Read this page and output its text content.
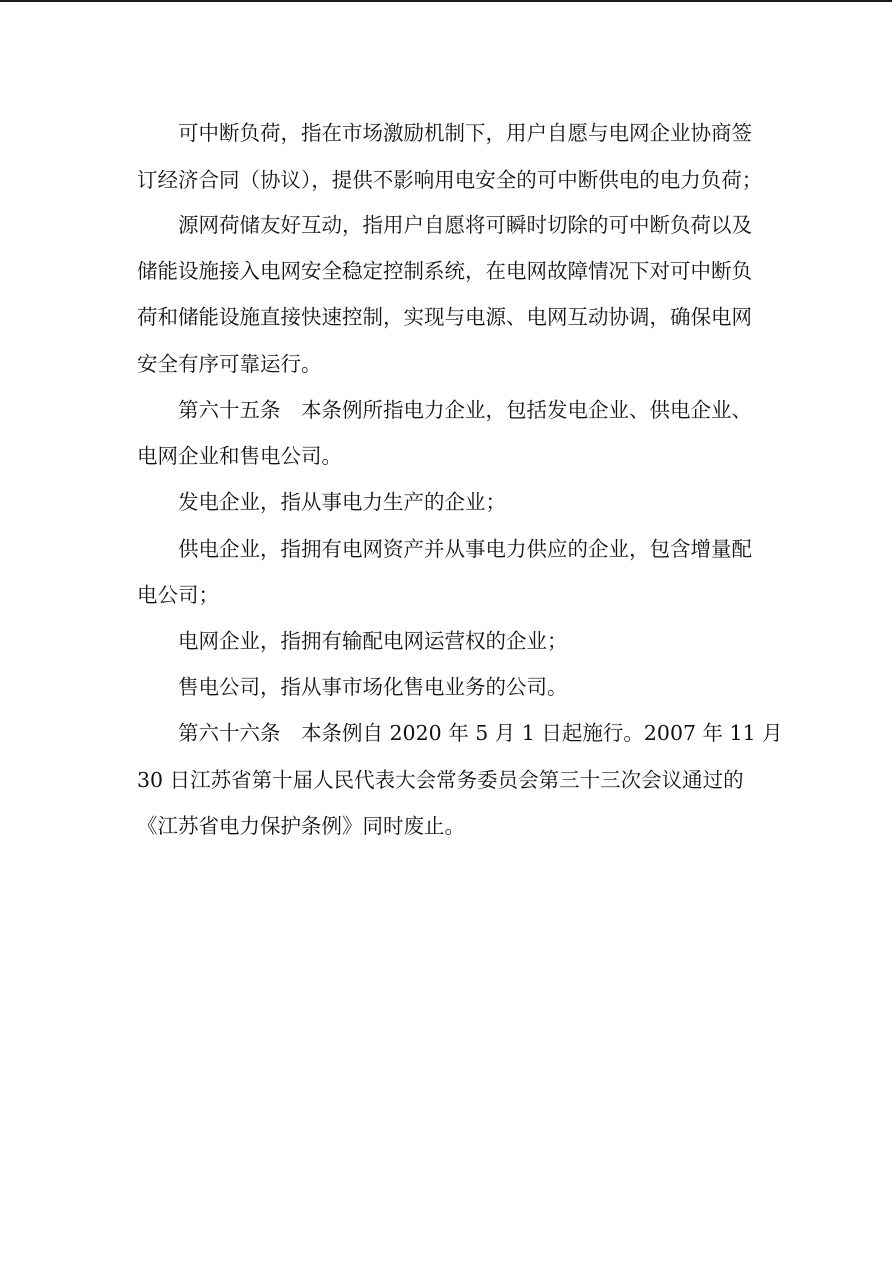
可中断负荷，指在市场激励机制下，用户自愿与电网企业协商签
订经济合同（协议），提供不影响用电安全的可中断供电的电力负荷；
源网荷储友好互动，指用户自愿将可瞬时切除的可中断负荷以及
储能设施接入电网安全稳定控制系统，在电网故障情况下对可中断负
荷和储能设施直接快速控制，实现与电源、电网互动协调，确保电网
安全有序可靠运行。
第六十五条　本条例所指电力企业，包括发电企业、供电企业、
电网企业和售电公司。
发电企业，指从事电力生产的企业；
供电企业，指拥有电网资产并从事电力供应的企业，包含增量配
电公司；
电网企业，指拥有输配电网运营权的企业；
售电公司，指从事市场化售电业务的公司。
第六十六条　本条例自 2020 年 5 月 1 日起施行。2007 年 11 月
30 日江苏省第十届人民代表大会常务委员会第三十三次会议通过的
《江苏省电力保护条例》同时废止。
